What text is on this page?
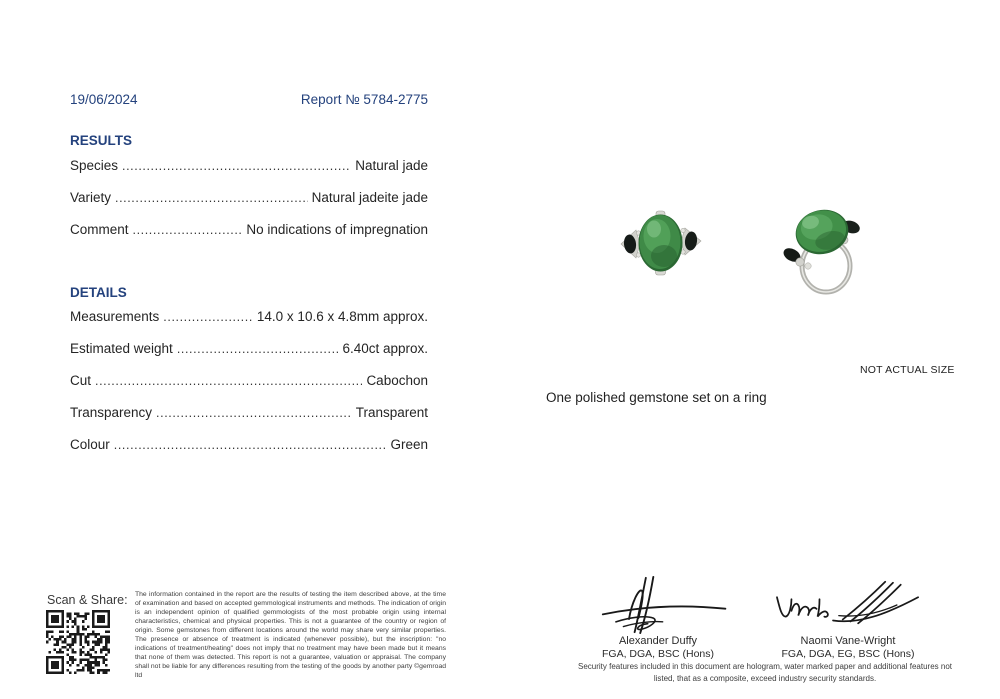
19/06/2024	Report № 5784-2775
RESULTS
Species .....	Natural jade
Variety .....	Natural jadeite jade
Comment .....	No indications of impregnation
DETAILS
Measurements .....	14.0 x 10.6 x 4.8mm approx.
Estimated weight .....	6.40ct approx.
Cut .....	Cabochon
Transparency .....	Transparent
Colour .....	Green
NOT ACTUAL SIZE
One polished gemstone set on a ring
Scan & Share: The information contained in the report are the results of testing the item described above, at the time of examination and based on accepted gemmological instruments and methods. The indication of origin is an independent opinion of qualified gemmologists of the most probable origin using internal characteristics, chemical and physical properties. This is not a guarantee of the country or region of origin. Some gemstones from different locations around the world may share very similar properties. The presence or absence of treatment is indicated (whenever possible), but the inscription: "no indications of treatment/heating" does not imply that no treatment may have been made but it means that none of them was detected. This report is not a guarantee, valuation or appraisal. The company shall not be liable for any differences resulting from the testing of the goods by another party ©gemroad ltd
Alexander Duffy
FGA, DGA, BSC (Hons)
Naomi Vane-Wright
FGA, DGA, EG, BSC (Hons)
Security features included in this document are hologram, water marked paper and additional features not listed, that as a composite, exceed industry security standards.
